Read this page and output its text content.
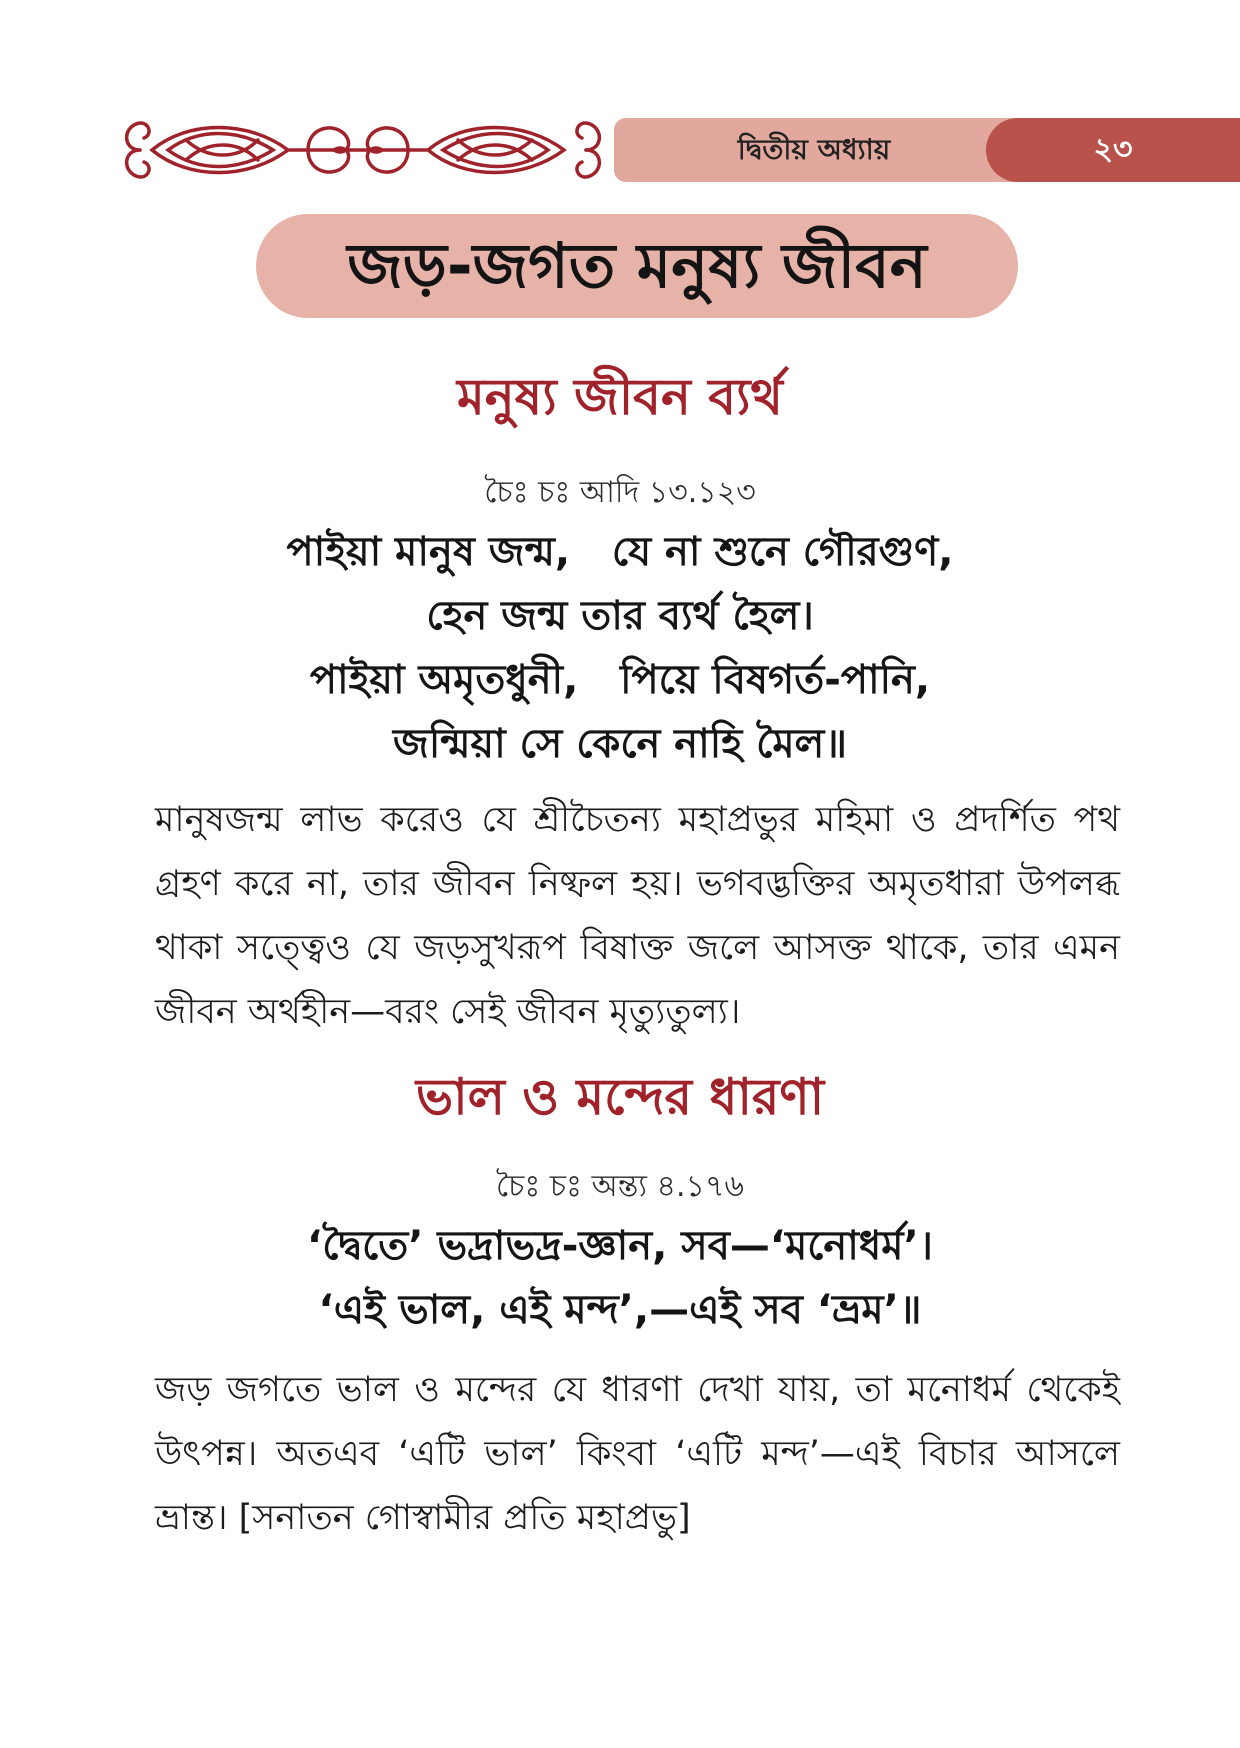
দ্বিতীয় অধ্যায়	২৩
জড়-জগত মনুষ্য জীবন
মনুষ্য জীবন ব্যর্থ
চৈঃ চঃ আদি ১৩.১২৩
পাইয়া মানুষ জন্ম,   যে না শুনে গৌরগুণ,
হেন জন্ম তার ব্যর্থ হৈল।
পাইয়া অমৃতধুনী,   পিয়ে বিষগর্ত-পানি,
জন্মিয়া সে কেনে নাহি মৈল॥
মানুষজন্ম লাভ করেও যে শ্রীচৈতন্য মহাপ্রভুর মহিমা ও প্রদর্শিত পথ গ্রহণ করে না, তার জীবন নিষ্ফল হয়। ভগবদ্ভক্তির অমৃতধারা উপলব্ধ থাকা সত্ত্বেও যে জড়সুখরূপ বিষাক্ত জলে আসক্ত থাকে, তার এমন জীবন অর্থহীন—বরং সেই জীবন মৃত্যুতুল্য।
ভাল ও মন্দের ধারণা
চৈঃ চঃ অন্ত্য ৪.১৭৬
‘দ্বৈতে’ ভদ্রাভদ্র-জ্ঞান, সব—‘মনোধর্ম’।
‘এই ভাল, এই মন্দ’,—এই সব ‘ভ্রম’॥
জড় জগতে ভাল ও মন্দের যে ধারণা দেখা যায়, তা মনোধর্ম থেকেই উৎপন্ন। অতএব ‘এটি ভাল’ কিংবা ‘এটি মন্দ’—এই বিচার আসলে ভ্রান্ত। [সনাতন গোস্বামীর প্রতি মহাপ্রভু]
